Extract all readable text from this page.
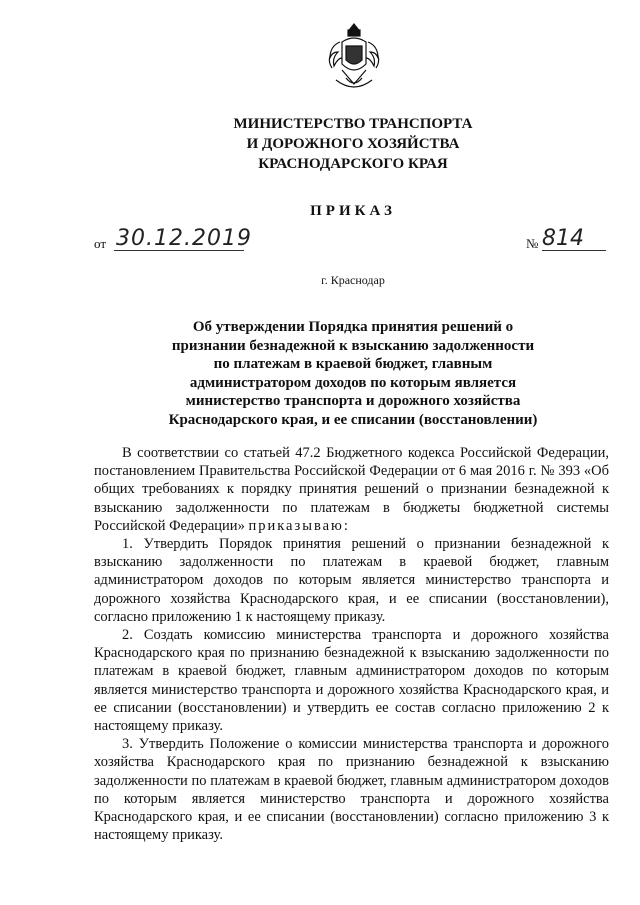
МИНИСТЕРСТВО ТРАНСПОРТА
И ДОРОЖНОГО ХОЗЯЙСТВА
КРАСНОДАРСКОГО КРАЯ
ПРИКАЗ
от 30.12.2019	№ 814
г. Краснодар
Об утверждении Порядка принятия решений о
признании безнадежной к взысканию задолженности
по платежам в краевой бюджет, главным
администратором доходов по которым является
министерство транспорта и дорожного хозяйства
Краснодарского края, и ее списании (восстановлении)

В соответствии со статьей 47.2 Бюджетного кодекса Российской Федерации, постановлением Правительства Российской Федерации от 6 мая 2016 г. № 393 «Об общих требованиях к порядку принятия решений о признании безнадежной к взысканию задолженности по платежам в бюджеты бюджетной системы Российской Федерации» приказываю:

1. Утвердить Порядок принятия решений о признании безнадежной к взысканию задолженности по платежам в краевой бюджет, главным администратором доходов по которым является министерство транспорта и дорожного хозяйства Краснодарского края, и ее списании (восстановлении), согласно приложению 1 к настоящему приказу.

2. Создать комиссию министерства транспорта и дорожного хозяйства Краснодарского края по признанию безнадежной к взысканию задолженности по платежам в краевой бюджет, главным администратором доходов по которым является министерство транспорта и дорожного хозяйства Краснодарского края, и ее списании (восстановлении) и утвердить ее состав согласно приложению 2 к настоящему приказу.

3. Утвердить Положение о комиссии министерства транспорта и дорожного хозяйства Краснодарского края по признанию безнадежной к взысканию задолженности по платежам в краевой бюджет, главным администратором доходов по которым является министерство транспорта и дорожного хозяйства Краснодарского края, и ее списании (восстановлении) согласно приложению 3 к настоящему приказу.
